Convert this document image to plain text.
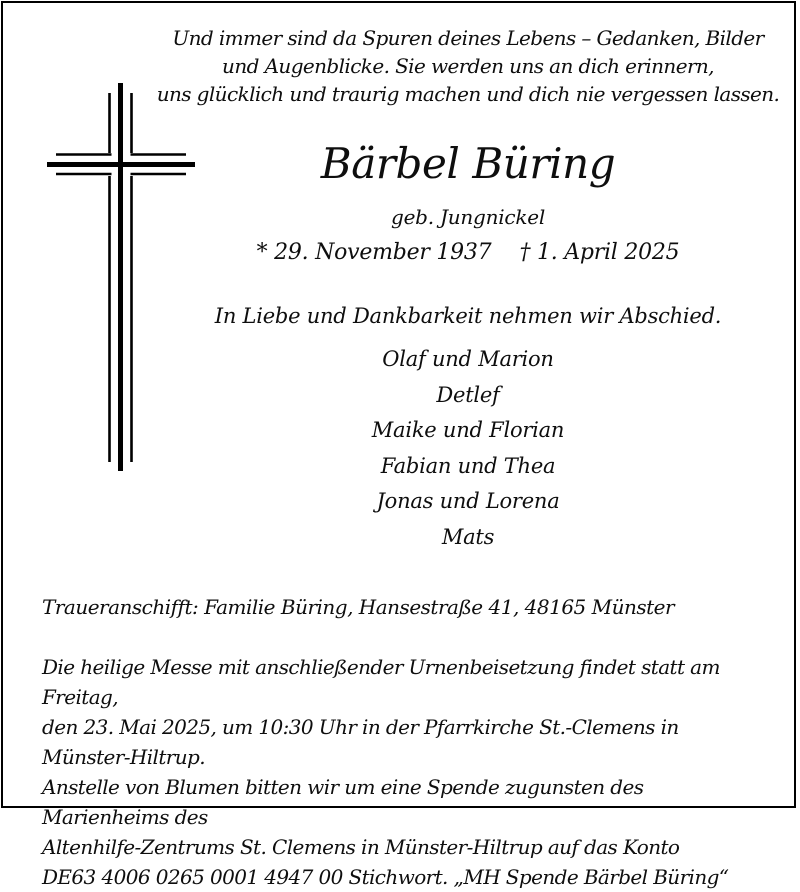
Und immer sind da Spuren deines Lebens – Gedanken, Bilder
und Augenblicke. Sie werden uns an dich erinnern,
uns glücklich und traurig machen und dich nie vergessen lassen.
Bärbel Büring
geb. Jungnickel
* 29. November 1937 † 1. April 2025
In Liebe und Dankbarkeit nehmen wir Abschied.
Olaf und Marion
Detlef
Maike und Florian
Fabian und Thea
Jonas und Lorena
Mats
Traueranschifft: Familie Büring, Hansestraße 41, 48165 Münster
Die heilige Messe mit anschließender Urnenbeisetzung findet statt am Freitag,
den 23. Mai 2025, um 10:30 Uhr in der Pfarrkirche St.-Clemens in Münster-Hiltrup.
Anstelle von Blumen bitten wir um eine Spende zugunsten des Marienheims des
Altenhilfe-Zentrums St. Clemens in Münster-Hiltrup auf das Konto
DE63 4006 0265 0001 4947 00 Stichwort. „MH Spende Bärbel Büring“
